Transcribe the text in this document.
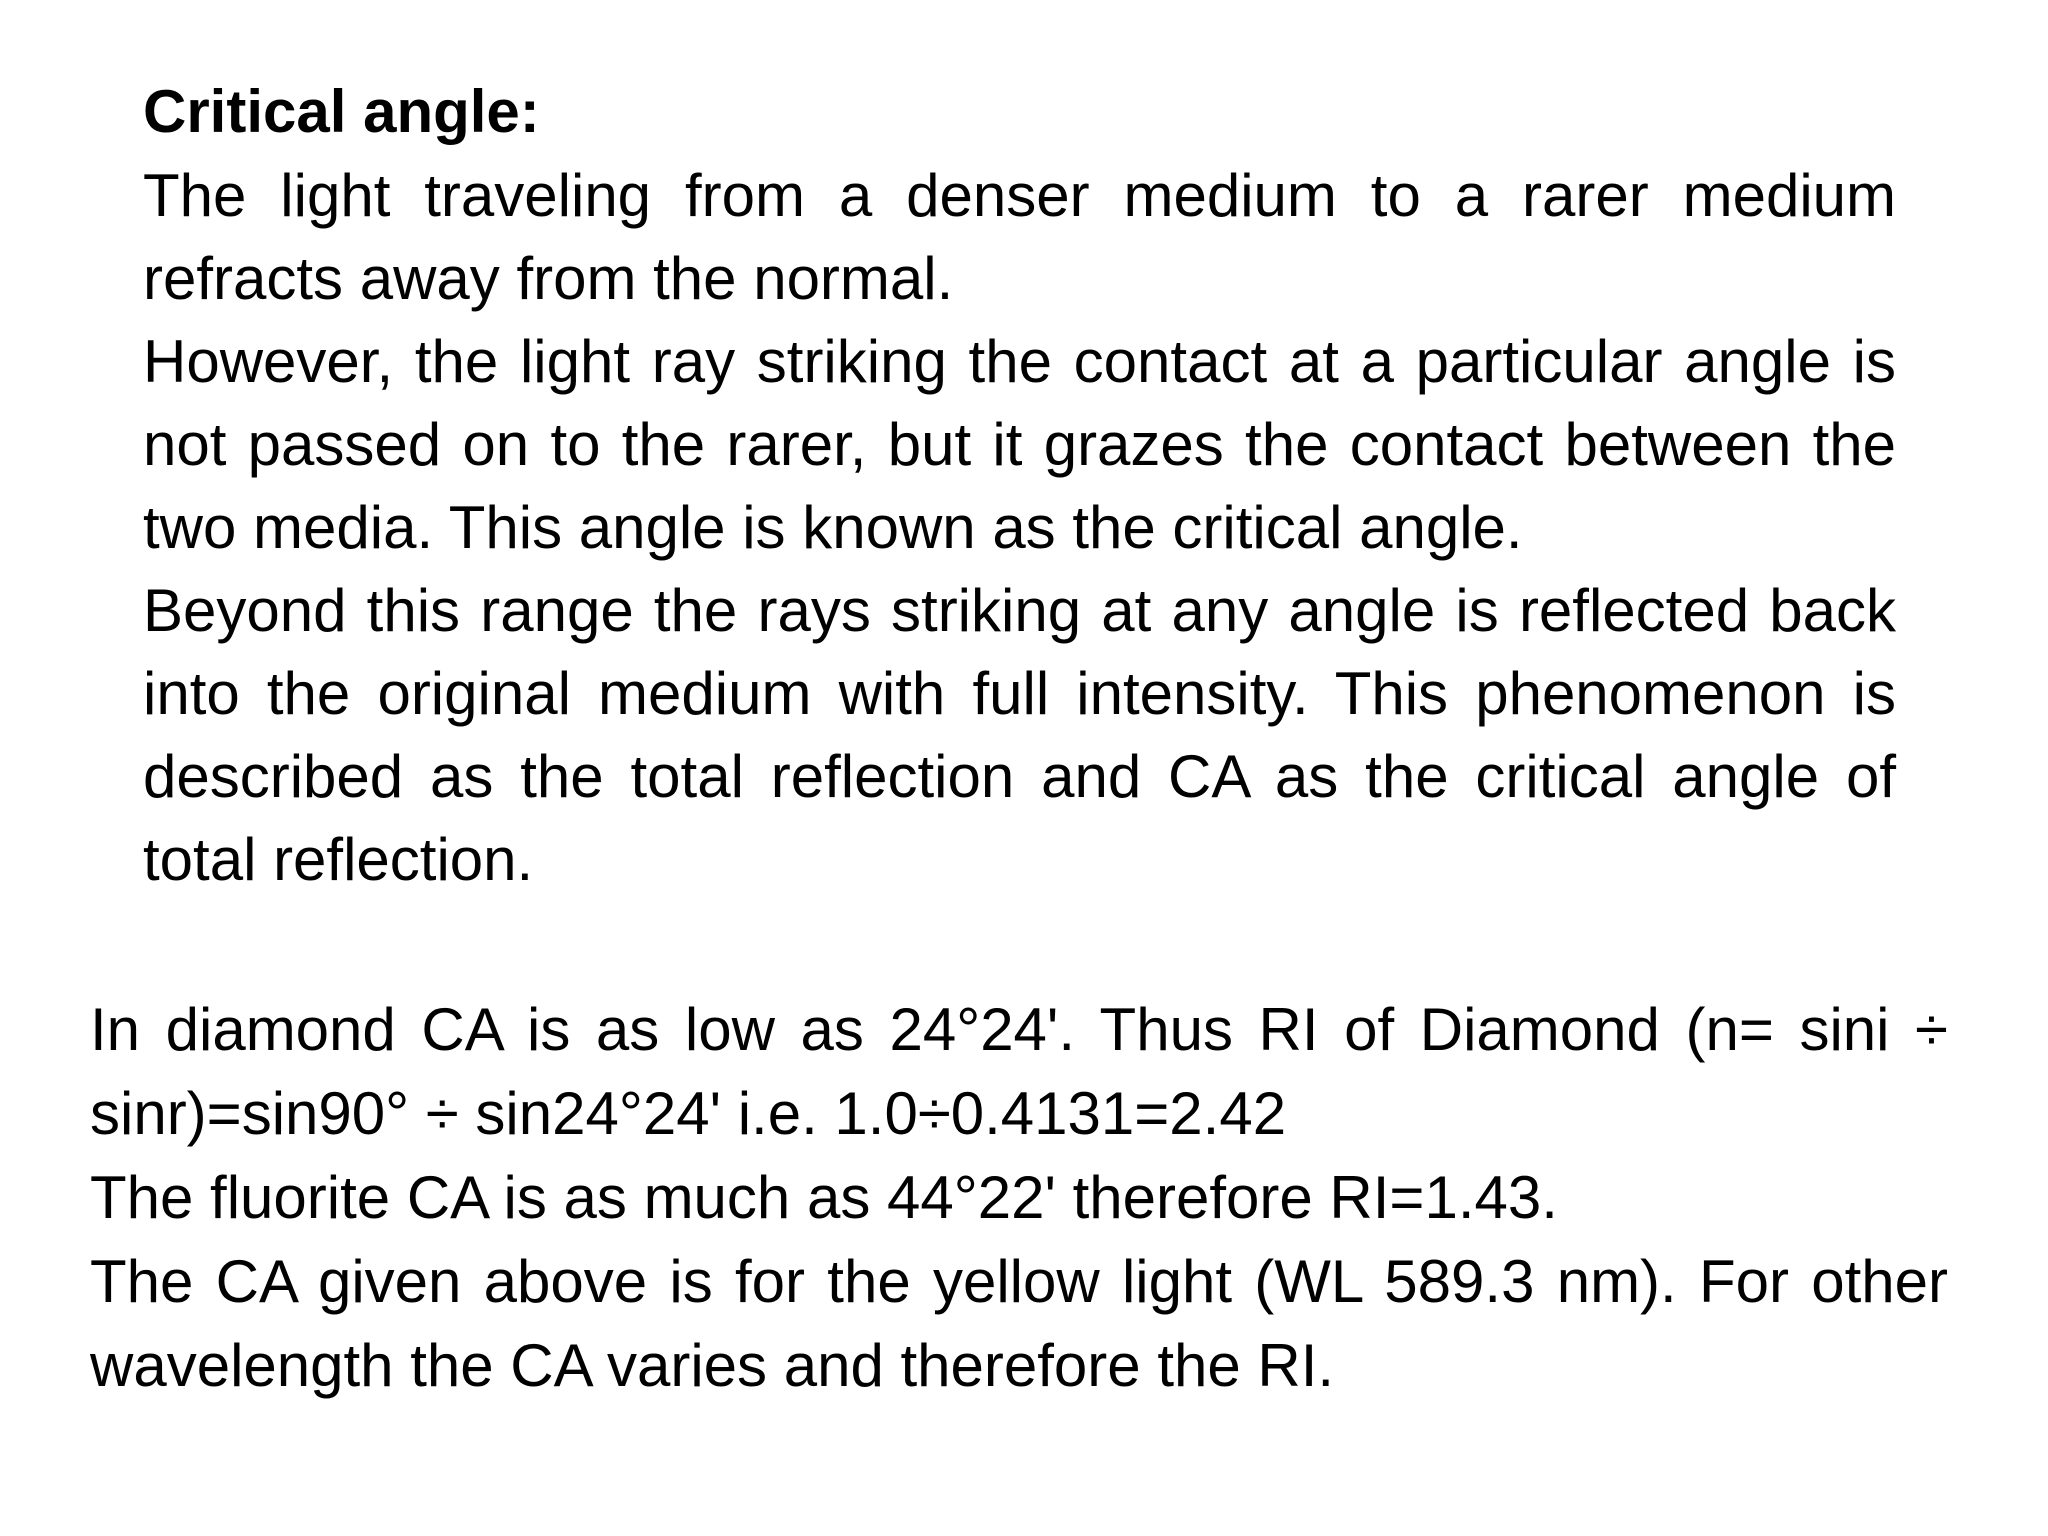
Critical angle:

The light traveling from a denser medium to a rarer medium refracts away from the normal.

However, the light ray striking the contact at a particular angle is not passed on to the rarer, but it grazes the contact between the two media. This angle is known as the critical angle.

Beyond this range the rays striking at any angle is reflected back into the original medium with full intensity. This phenomenon is described as the total reflection and CA as the critical angle of total reflection.

In diamond CA is as low as 24°24'. Thus RI of Diamond (n= sini ÷ sinr)=sin90° ÷ sin24°24' i.e. 1.0÷0.4131=2.42

The fluorite CA is as much as 44°22' therefore RI=1.43.

The CA given above is for the yellow light (WL 589.3 nm). For other wavelength the CA varies and therefore the RI.
